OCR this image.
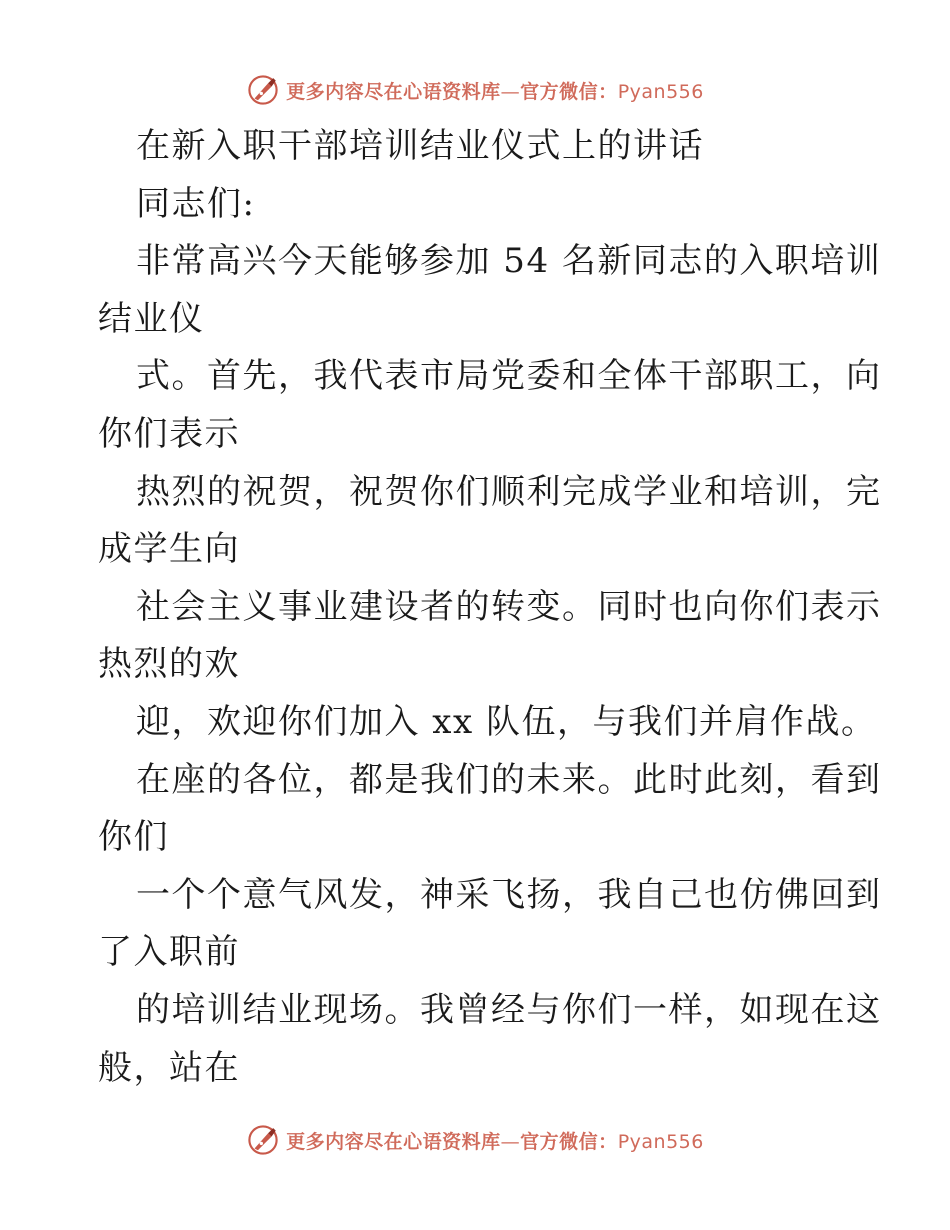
更多内容尽在心语资料库—官方微信：Pyan556
在新入职干部培训结业仪式上的讲话
同志们:
非常高兴今天能够参加 54 名新同志的入职培训
结业仪
式。首先，我代表市局党委和全体干部职工，向
你们表示
热烈的祝贺，祝贺你们顺利完成学业和培训，完
成学生向
社会主义事业建设者的转变。同时也向你们表示
热烈的欢
迎，欢迎你们加入 xx 队伍，与我们并肩作战。
在座的各位，都是我们的未来。此时此刻，看到
你们
一个个意气风发，神采飞扬，我自己也仿佛回到
了入职前
的培训结业现场。我曾经与你们一样，如现在这
般，站在
更多内容尽在心语资料库—官方微信：Pyan556
